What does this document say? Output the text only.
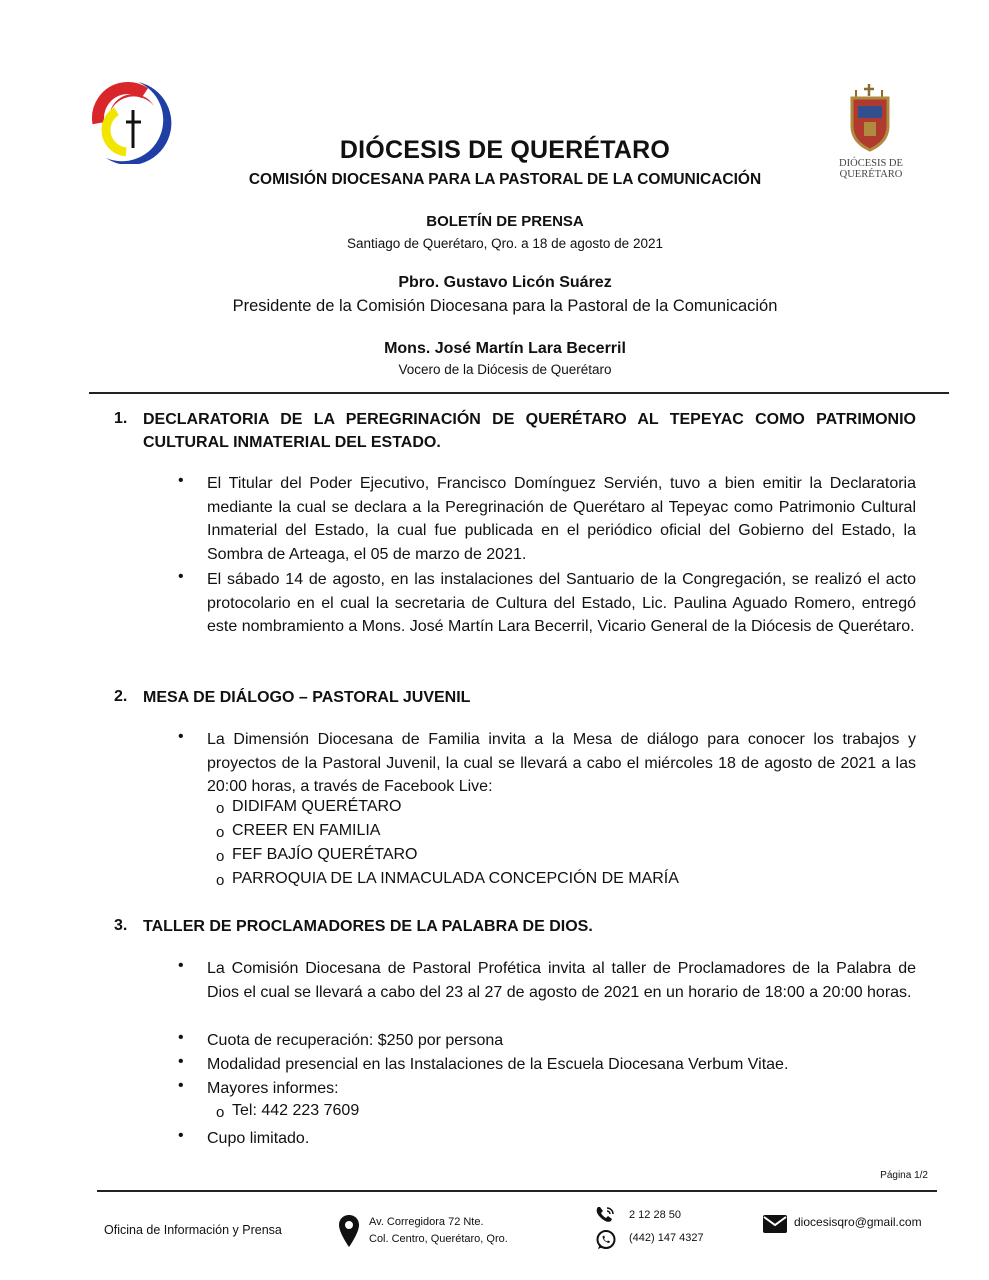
DIÓCESIS DE
QUERÉTARO
DIÓCESIS DE QUERÉTARO
COMISIÓN DIOCESANA PARA LA PASTORAL DE LA COMUNICACIÓN
BOLETÍN DE PRENSA
Santiago de Querétaro, Qro. a 18 de agosto de 2021
Pbro. Gustavo Licón Suárez
Presidente de la Comisión Diocesana para la Pastoral de la Comunicación
Mons. José Martín Lara Becerril
Vocero de la Diócesis de Querétaro
1. DECLARATORIA DE LA PEREGRINACIÓN DE QUERÉTARO AL TEPEYAC COMO PATRIMONIO
CULTURAL INMATERIAL DEL ESTADO.
• El Titular del Poder Ejecutivo, Francisco Domínguez Servién, tuvo a bien emitir la Declaratoria mediante la cual se declara a la Peregrinación de Querétaro al Tepeyac como Patrimonio Cultural Inmaterial del Estado, la cual fue publicada en el periódico oficial del Gobierno del Estado, la Sombra de Arteaga, el 05 de marzo de 2021.
• El sábado 14 de agosto, en las instalaciones del Santuario de la Congregación, se realizó el acto protocolario en el cual la secretaria de Cultura del Estado, Lic. Paulina Aguado Romero, entregó este nombramiento a Mons. José Martín Lara Becerril, Vicario General de la Diócesis de Querétaro.
2. MESA DE DIÁLOGO – PASTORAL JUVENIL
• La Dimensión Diocesana de Familia invita a la Mesa de diálogo para conocer los trabajos y proyectos de la Pastoral Juvenil, la cual se llevará a cabo el miércoles 18 de agosto de 2021 a las 20:00 horas, a través de Facebook Live:
o DIDIFAM QUERÉTARO
o CREER EN FAMILIA
o FEF BAJÍO QUERÉTARO
o PARROQUIA DE LA INMACULADA CONCEPCIÓN DE MARÍA
3. TALLER DE PROCLAMADORES DE LA PALABRA DE DIOS.
• La Comisión Diocesana de Pastoral Profética invita al taller de Proclamadores de la Palabra de Dios el cual se llevará a cabo del 23 al 27 de agosto de 2021 en un horario de 18:00 a 20:00 horas.
• Cuota de recuperación: $250 por persona
• Modalidad presencial en las Instalaciones de la Escuela Diocesana Verbum Vitae.
• Mayores informes:
o Tel: 442 223 7609
• Cupo limitado.
Página 1/2
Oficina de Información y Prensa
Av. Corregidora 72 Nte.
Col. Centro, Querétaro, Qro.
2 12 28 50
(442) 147 4327
diocesisqro@gmail.com
